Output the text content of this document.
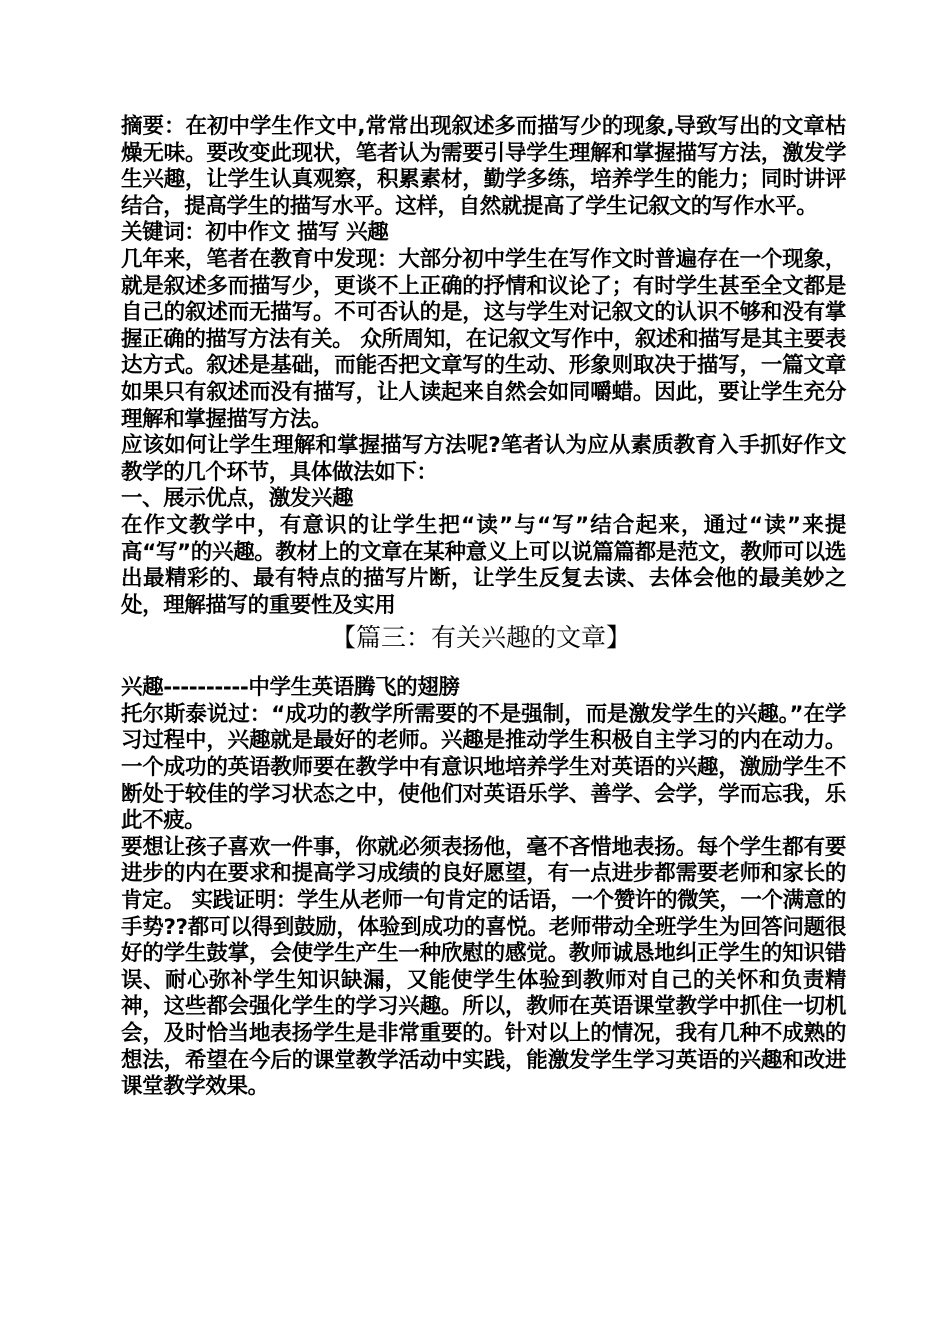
摘要：在初中学生作文中,常常出现叙述多而描写少的现象,导致写出的文章枯燥无味。要改变此现状，笔者认为需要引导学生理解和掌握描写方法，激发学生兴趣，让学生认真观察，积累素材，勤学多练，培养学生的能力；同时讲评结合，提高学生的描写水平。这样，自然就提高了学生记叙文的写作水平。

关键词：初中作文 描写 兴趣

几年来，笔者在教育中发现：大部分初中学生在写作文时普遍存在一个现象，就是叙述多而描写少，更谈不上正确的抒情和议论了；有时学生甚至全文都是自己的叙述而无描写。不可否认的是，这与学生对记叙文的认识不够和没有掌握正确的描写方法有关。 众所周知，在记叙文写作中，叙述和描写是其主要表达方式。叙述是基础，而能否把文章写的生动、形象则取决于描写，一篇文章如果只有叙述而没有描写，让人读起来自然会如同嚼蜡。因此，要让学生充分理解和掌握描写方法。

应该如何让学生理解和掌握描写方法呢?笔者认为应从素质教育入手抓好作文教学的几个环节，具体做法如下：

一、展示优点，激发兴趣

在作文教学中，有意识的让学生把“读”与“写”结合起来，通过“读”来提高“写”的兴趣。教材上的文章在某种意义上可以说篇篇都是范文，教师可以选出最精彩的、最有特点的描写片断，让学生反复去读、去体会他的最美妙之处，理解描写的重要性及实用

【篇三：有关兴趣的文章】

兴趣----------中学生英语腾飞的翅膀

托尔斯泰说过：“成功的教学所需要的不是强制，而是激发学生的兴趣。”在学习过程中，兴趣就是最好的老师。兴趣是推动学生积极自主学习的内在动力。一个成功的英语教师要在教学中有意识地培养学生对英语的兴趣，激励学生不断处于较佳的学习状态之中，使他们对英语乐学、善学、会学，学而忘我，乐此不疲。

要想让孩子喜欢一件事，你就必须表扬他，毫不吝惜地表扬。每个学生都有要进步的内在要求和提高学习成绩的良好愿望，有一点进步都需要老师和家长的肯定。 实践证明：学生从老师一句肯定的话语，一个赞许的微笑，一个满意的手势??都可以得到鼓励，体验到成功的喜悦。老师带动全班学生为回答问题很好的学生鼓掌，会使学生产生一种欣慰的感觉。教师诚恳地纠正学生的知识错误、耐心弥补学生知识缺漏，又能使学生体验到教师对自己的关怀和负责精神，这些都会强化学生的学习兴趣。所以，教师在英语课堂教学中抓住一切机会，及时恰当地表扬学生是非常重要的。针对以上的情况，我有几种不成熟的想法，希望在今后的课堂教学活动中实践，能激发学生学习英语的兴趣和改进课堂教学效果。
